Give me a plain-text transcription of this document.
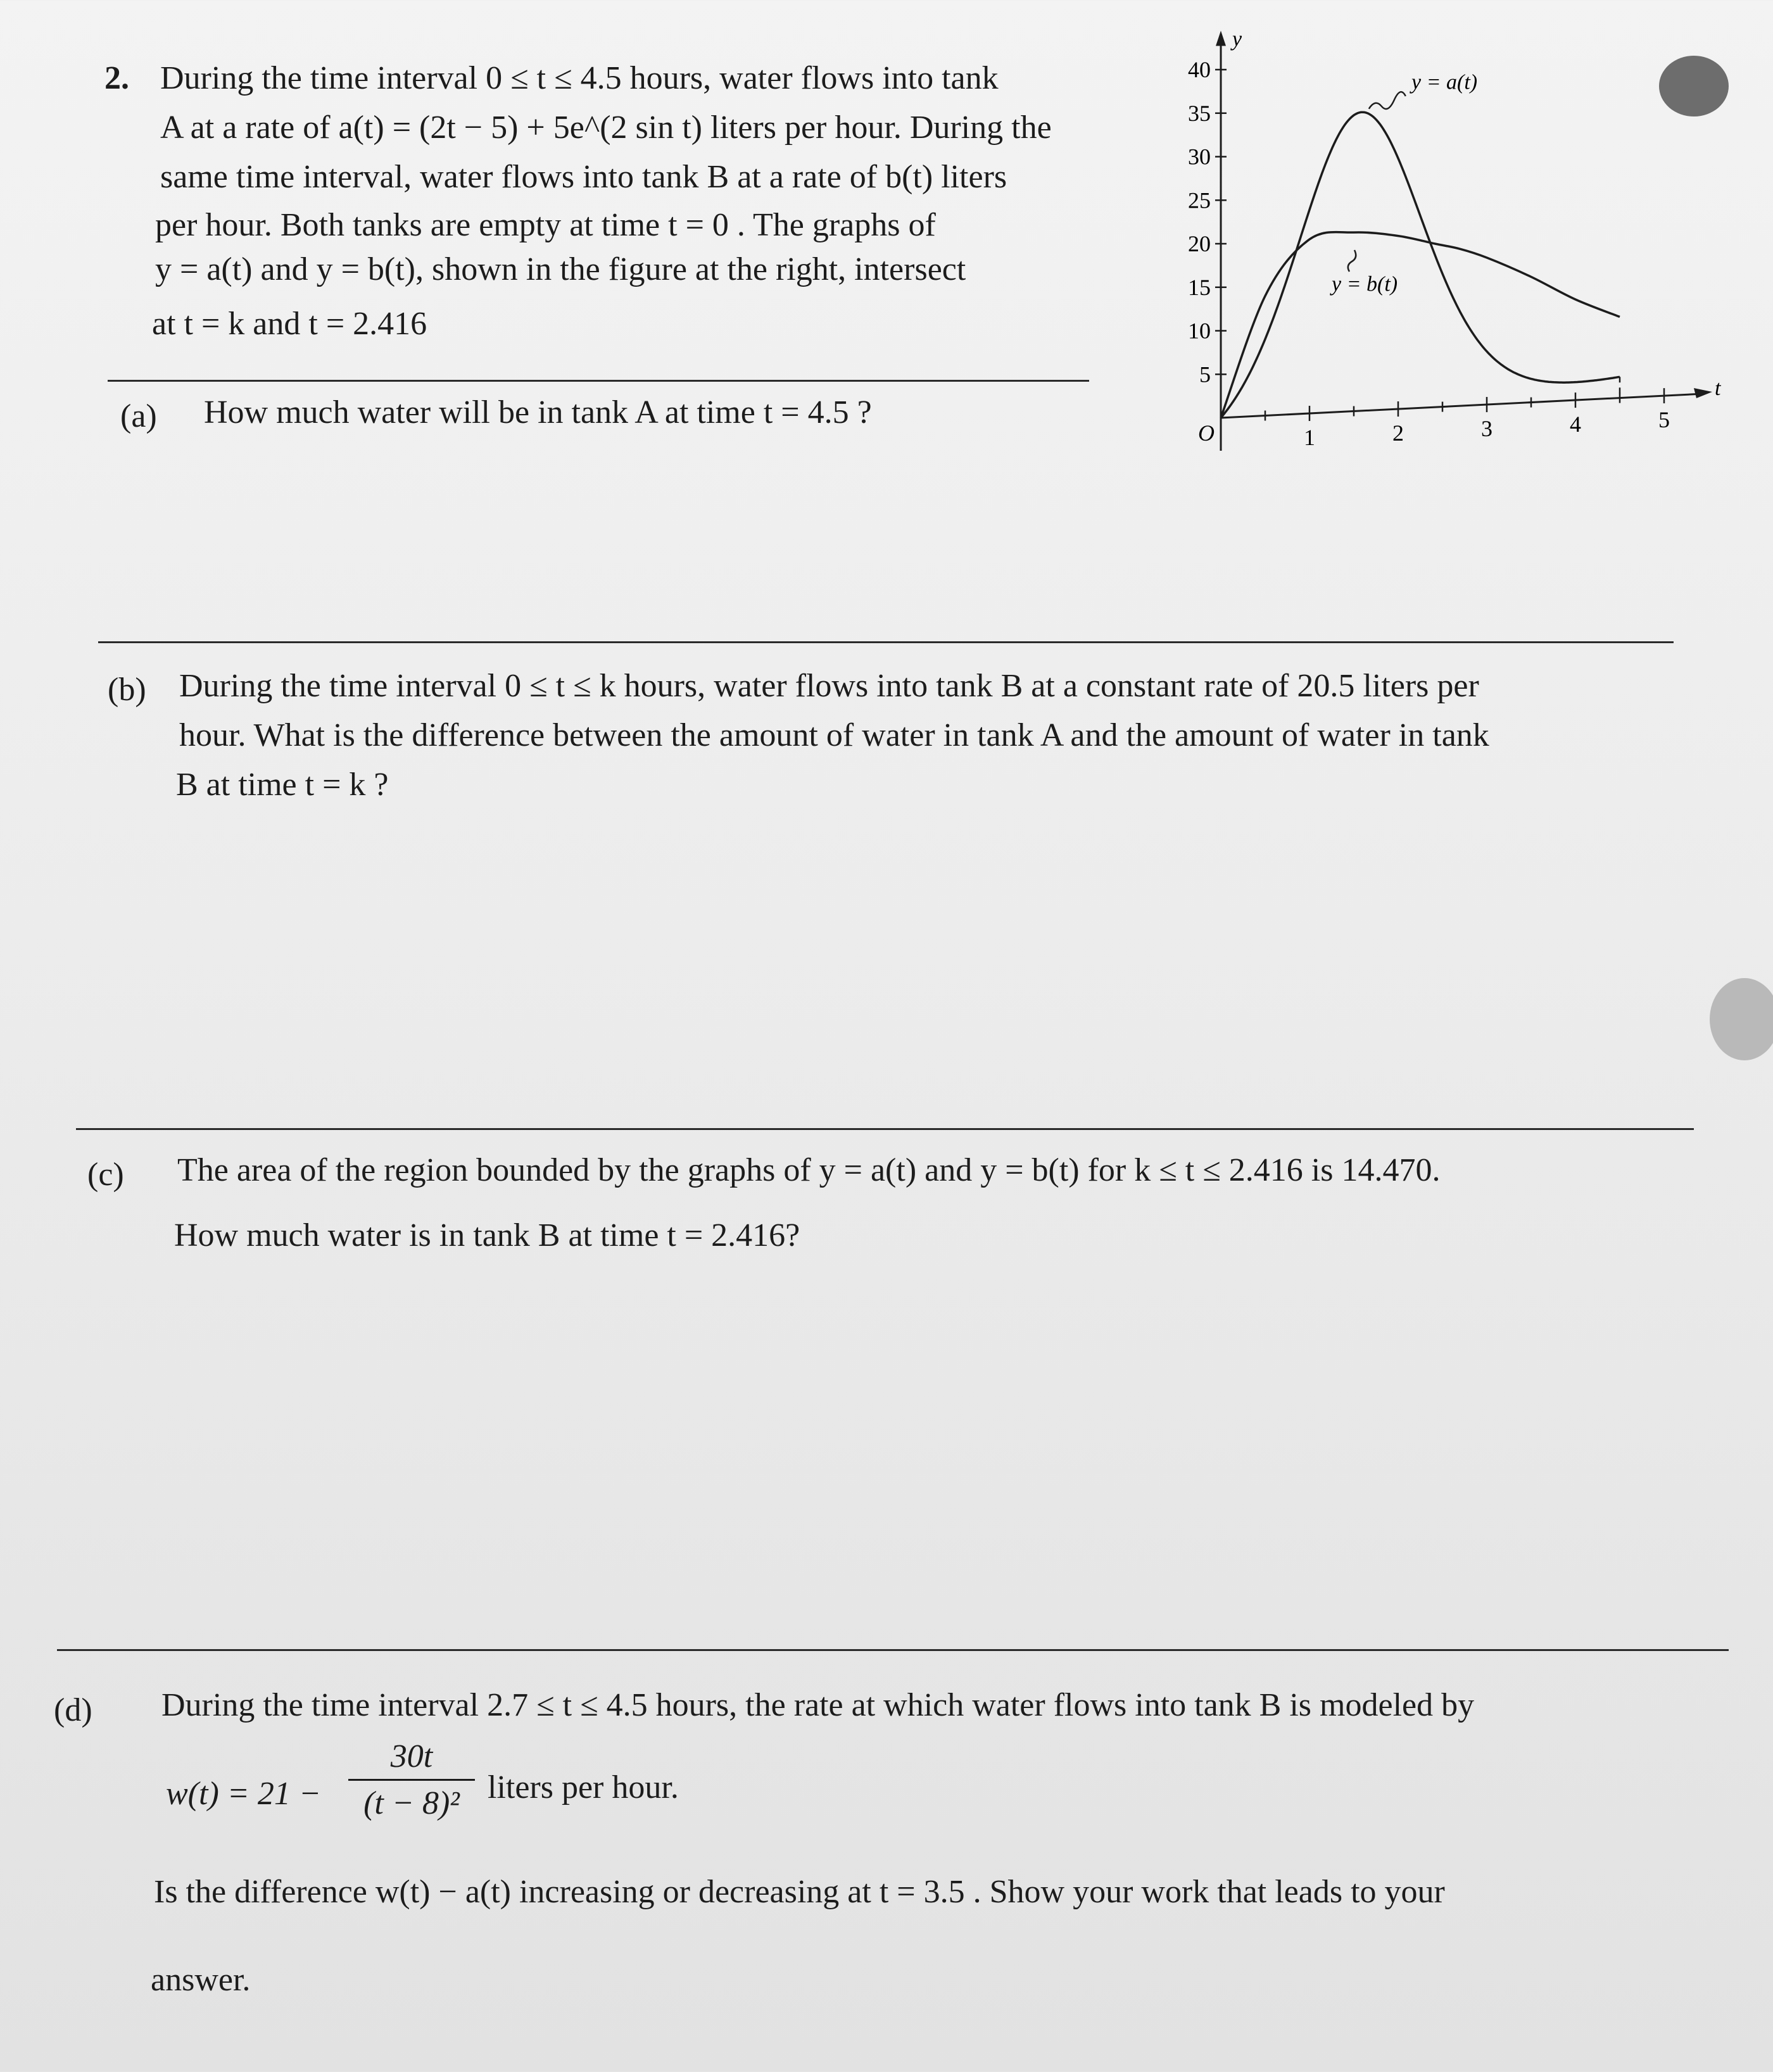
2. During the time interval 0 ≤ t ≤ 4.5 hours, water flows into tank
A at a rate of a(t) = (2t − 5) + 5e^(2 sin t) liters per hour. During the
same time interval, water flows into tank B at a rate of b(t) liters
per hour. Both tanks are empty at time t = 0 . The graphs of
y = a(t) and y = b(t), shown in the figure at the right, intersect
at t = k and t = 2.416
y
t
O
5
10
15
20
25
30
35
40
1	2	3	4	5
y = a(t)
y = b(t)
(a) How much water will be in tank A at time t = 4.5 ?
(b) During the time interval 0 ≤ t ≤ k hours, water flows into tank B at a constant rate of 20.5 liters per
hour. What is the difference between the amount of water in tank A and the amount of water in tank
B at time t = k ?
(c) The area of the region bounded by the graphs of y = a(t) and y = b(t) for k ≤ t ≤ 2.416 is 14.470.
How much water is in tank B at time t = 2.416?
(d) During the time interval 2.7 ≤ t ≤ 4.5 hours, the rate at which water flows into tank B is modeled by
w(t) = 21 −
30t
(t − 8)² liters per hour.
Is the difference w(t) − a(t) increasing or decreasing at t = 3.5 . Show your work that leads to your
answer.
